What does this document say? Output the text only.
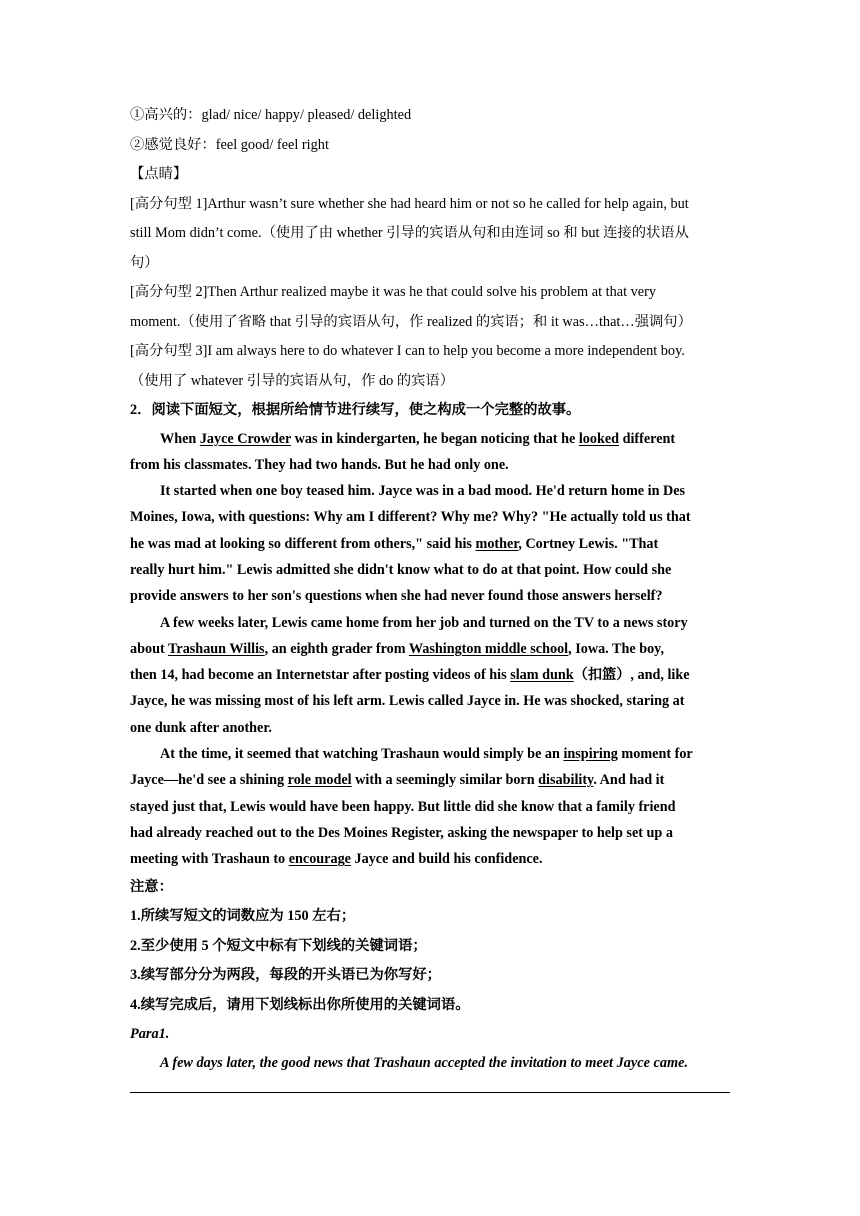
①高兴的：glad/ nice/ happy/ pleased/ delighted
②感觉良好：feel good/ feel right
【点睛】
[高分句型 1]Arthur wasn’t sure whether she had heard him or not so he called for help again, but
still Mom didn’t come.（使用了由 whether 引导的宾语从句和由连词 so 和 but 连接的状语从
句）
[高分句型 2]Then Arthur realized maybe it was he that could solve his problem at that very
moment.（使用了省略 that 引导的宾语从句，作 realized 的宾语；和 it was…that…强调句）
[高分句型 3]I am always here to do whatever I can to help you become a more independent boy.
（使用了 whatever 引导的宾语从句，作 do 的宾语）
2．阅读下面短文，根据所给情节进行续写，使之构成一个完整的故事。
When Jayce Crowder was in kindergarten, he began noticing that he looked different
from his classmates. They had two hands. But he had only one.
It started when one boy teased him. Jayce was in a bad mood. He'd return home in Des
Moines, Iowa, with questions: Why am I different? Why me? Why? "He actually told us that
he was mad at looking so different from others," said his mother, Cortney Lewis. "That
really hurt him." Lewis admitted she didn't know what to do at that point. How could she
provide answers to her son's questions when she had never found those answers herself?
A few weeks later, Lewis came home from her job and turned on the TV to a news story
about Trashaun Willis, an eighth grader from Washington middle school, Iowa. The boy,
then 14, had become an Internetstar after posting videos of his slam dunk（扣篮）, and, like
Jayce, he was missing most of his left arm. Lewis called Jayce in. He was shocked, staring at
one dunk after another.
At the time, it seemed that watching Trashaun would simply be an inspiring moment for
Jayce—he'd see a shining role model with a seemingly similar born disability. And had it
stayed just that, Lewis would have been happy. But little did she know that a family friend
had already reached out to the Des Moines Register, asking the newspaper to help set up a
meeting with Trashaun to encourage Jayce and build his confidence.
注意：
1.所续写短文的词数应为 150 左右；
2.至少使用 5 个短文中标有下划线的关键词语；
3.续写部分分为两段，每段的开头语已为你写好；
4.续写完成后，请用下划线标出你所使用的关键词语。
Para1.
A few days later, the good news that Trashaun accepted the invitation to meet Jayce came.
